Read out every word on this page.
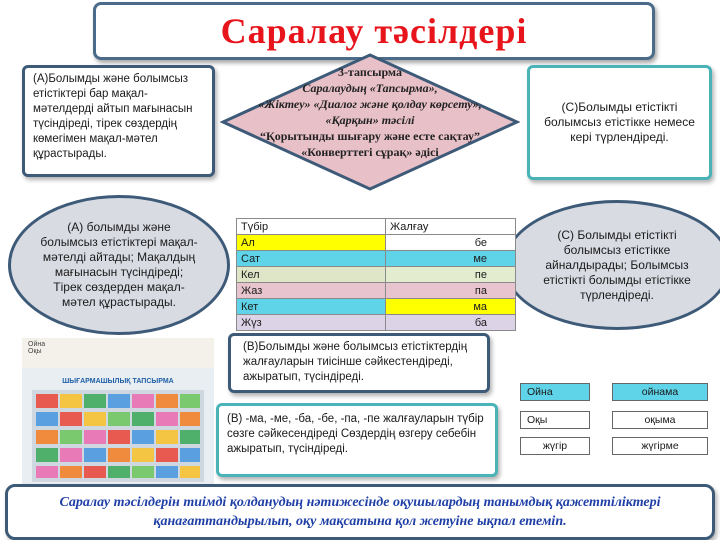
Саралау тәсілдері
(А)Болымды және болымсыз етістіктері бар мақал-мәтелдерді айтып мағынасын түсіндіреді, тірек сөздердің көмегімен мақал-мәтел құрастырады.
3-тапсырма
Саралаудың «Тапсырма»,
«Жіктеу» «Диалог және қолдау көрсету»,
«Қарқын» тәсілі
“Қорытынды шығару және есте сақтау”
«Конверттегі сұрақ» әдісі
(С)Болымды етістікті болымсыз етістікке немесе кері түрлендіреді.
(А) болымды және болымсыз етістіктері мақал-мәтелді айтады; Мақалдың мағынасын түсіндіреді; Тірек сөздерден мақал-мәтел құрастырады.
(С) Болымды етістікті болымсыз етістікке айналдырады; Болымсыз етістікті болымды етістікке түрлендіреді.
Түбір	Жалғау
Ал	бе
Сат	ме
Кел	пе
Жаз	па
Кет	ма
Жүз	ба
Ойна
Оқы
ШЫҒАРМАШЫЛЫҚ ТАПСЫРМА
(В)Болымды және болымсыз етістіктердің жалғауларын тиісінше сәйкестендіреді, ажыратып, түсіндіреді.
(В) -ма, -ме, -ба, -бе, -па, -пе жалғауларын түбір сөзге сәйкесендіреді Сөздердің өзгеру себебін ажыратып, түсіндіреді.
Ойна	ойнама
Оқы	оқыма
жүгір	жүгірме
Саралау тәсілдерін тиімді қолданудың нәтижесінде оқушылардың танымдық қажеттіліктері қанағаттандырылып, оқу мақсатына қол жетуіне ықпал етеміп.
